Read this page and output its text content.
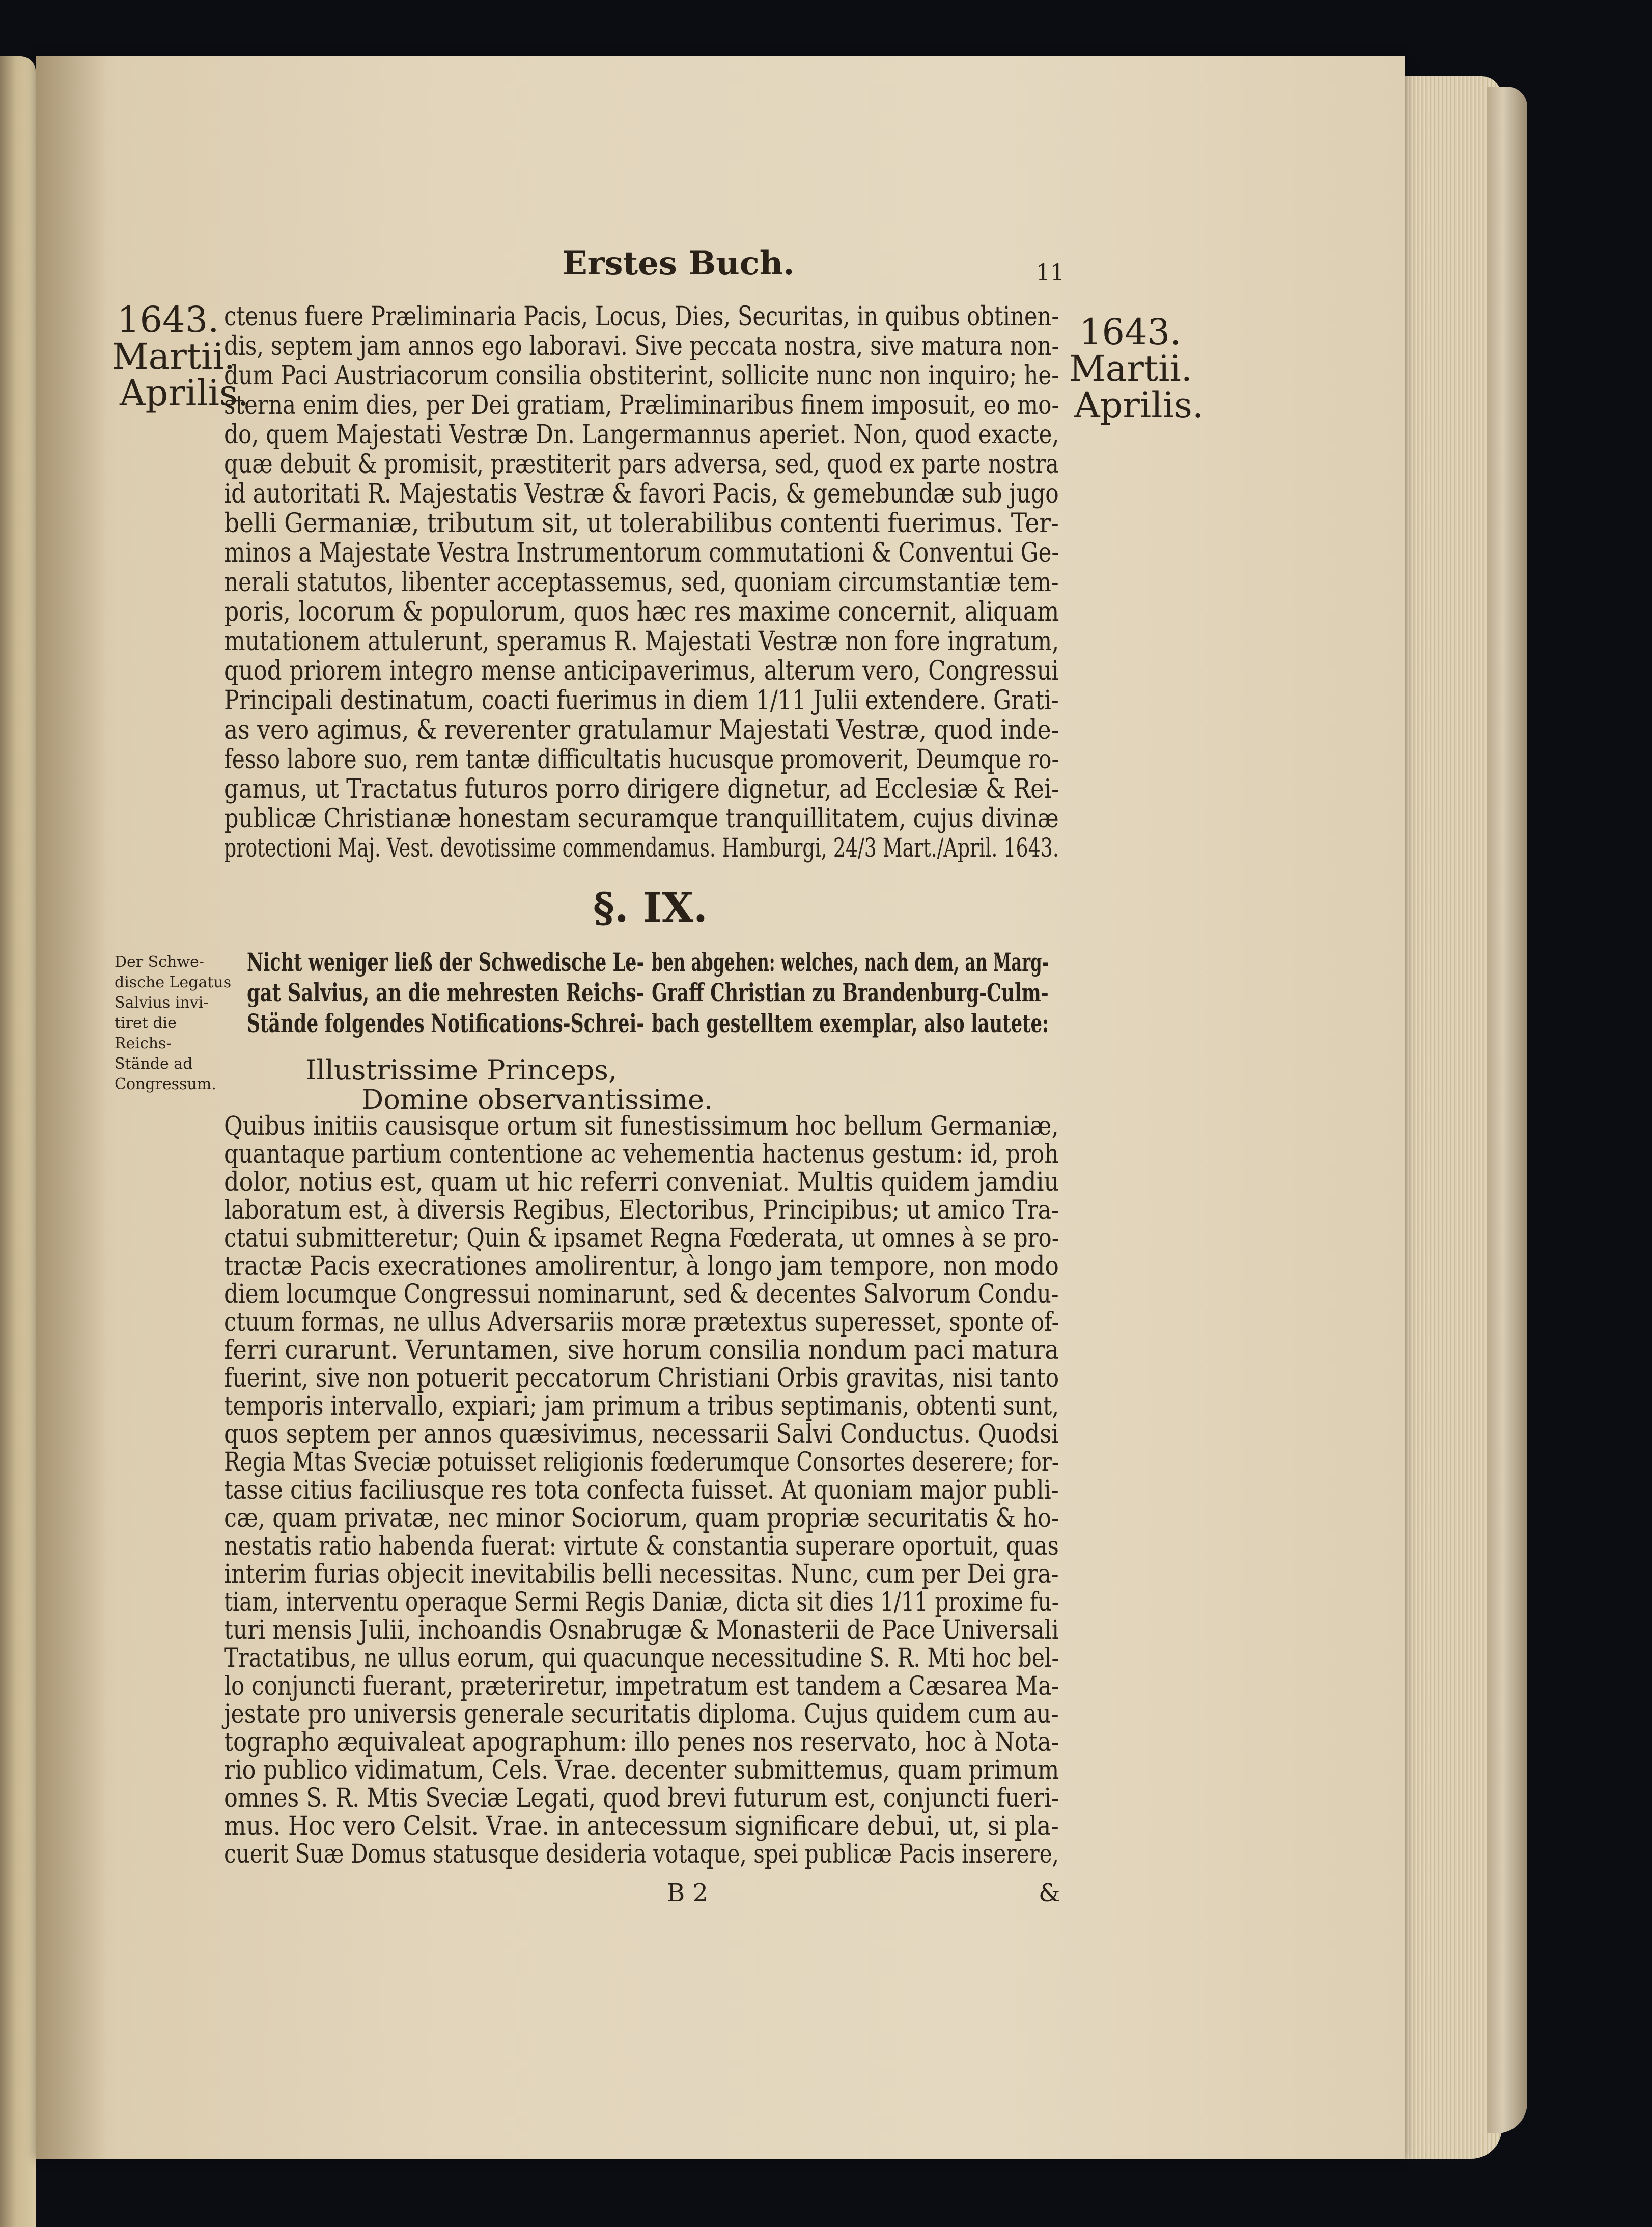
Erstes Buch.	11
1643.
Martii.
Aprilis.
1643.
Martii.
Aprilis.
ctenus fuere Præliminaria Pacis, Locus, Dies, Securitas, in quibus obtinen-
dis, septem jam annos ego laboravi. Sive peccata nostra, sive matura non-
dum Paci Austriacorum consilia obstiterint, sollicite nunc non inquiro; he-
sterna enim dies, per Dei gratiam, Præliminaribus finem imposuit, eo mo-
do, quem Majestati Vestræ Dn. Langermannus aperiet. Non, quod exacte,
quæ debuit & promisit, præstiterit pars adversa, sed, quod ex parte nostra
id autoritati R. Majestatis Vestræ & favori Pacis, & gemebundæ sub jugo
belli Germaniæ, tributum sit, ut tolerabilibus contenti fuerimus. Ter-
minos a Majestate Vestra Instrumentorum commutationi & Conventui Ge-
nerali statutos, libenter acceptassemus, sed, quoniam circumstantiæ tem-
poris, locorum & populorum, quos hæc res maxime concernit, aliquam
mutationem attulerunt, speramus R. Majestati Vestræ non fore ingratum,
quod priorem integro mense anticipaverimus, alterum vero, Congressui
Principali destinatum, coacti fuerimus in diem 1/11 Julii extendere. Grati-
as vero agimus, & reverenter gratulamur Majestati Vestræ, quod inde-
fesso labore suo, rem tantæ difficultatis hucusque promoverit, Deumque ro-
gamus, ut Tractatus futuros porro dirigere dignetur, ad Ecclesiæ & Rei-
publicæ Christianæ honestam securamque tranquillitatem, cujus divinæ
protectioni Maj. Vest. devotissime commendamus. Hamburgi, 24/3 Mart./April. 1643.
§. IX.
Der Schwe-
dische Legatus
Salvius invi-
tiret die
Reichs-
Stände ad
Congressum.
Nicht weniger ließ der Schwedische Le-
gat Salvius, an die mehresten Reichs-
Stände folgendes Notifications-Schrei-
ben abgehen: welches, nach dem, an Marg-
Graff Christian zu Brandenburg-Culm-
bach gestelltem exemplar, also lautete:
Illustrissime Princeps,
Domine observantissime.
Quibus initiis causisque ortum sit funestissimum hoc bellum Germaniæ,
quantaque partium contentione ac vehementia hactenus gestum: id, proh
dolor, notius est, quam ut hic referri conveniat. Multis quidem jamdiu
laboratum est, à diversis Regibus, Electoribus, Principibus; ut amico Tra-
ctatui submitteretur; Quin & ipsamet Regna Fœderata, ut omnes à se pro-
tractæ Pacis execrationes amolirentur, à longo jam tempore, non modo
diem locumque Congressui nominarunt, sed & decentes Salvorum Condu-
ctuum formas, ne ullus Adversariis moræ prætextus superesset, sponte of-
ferri curarunt. Veruntamen, sive horum consilia nondum paci matura
fuerint, sive non potuerit peccatorum Christiani Orbis gravitas, nisi tanto
temporis intervallo, expiari; jam primum a tribus septimanis, obtenti sunt,
quos septem per annos quæsivimus, necessarii Salvi Conductus. Quodsi
Regia Mtas Sveciæ potuisset religionis fœderumque Consortes deserere; for-
tasse citius faciliusque res tota confecta fuisset. At quoniam major publi-
cæ, quam privatæ, nec minor Sociorum, quam propriæ securitatis & ho-
nestatis ratio habenda fuerat: virtute & constantia superare oportuit, quas
interim furias objecit inevitabilis belli necessitas. Nunc, cum per Dei gra-
tiam, interventu operaque Sermi Regis Daniæ, dicta sit dies 1/11 proxime fu-
turi mensis Julii, inchoandis Osnabrugæ & Monasterii de Pace Universali
Tractatibus, ne ullus eorum, qui quacunque necessitudine S. R. Mti hoc bel-
lo conjuncti fuerant, præteriretur, impetratum est tandem a Cæsarea Ma-
jestate pro universis generale securitatis diploma. Cujus quidem cum au-
tographo æquivaleat apographum: illo penes nos reservato, hoc à Nota-
rio publico vidimatum, Cels. Vrae. decenter submittemus, quam primum
omnes S. R. Mtis Sveciæ Legati, quod brevi futurum est, conjuncti fueri-
mus. Hoc vero Celsit. Vrae. in antecessum significare debui, ut, si pla-
cuerit Suæ Domus statusque desideria votaque, spei publicæ Pacis inserere,
B 2	&
